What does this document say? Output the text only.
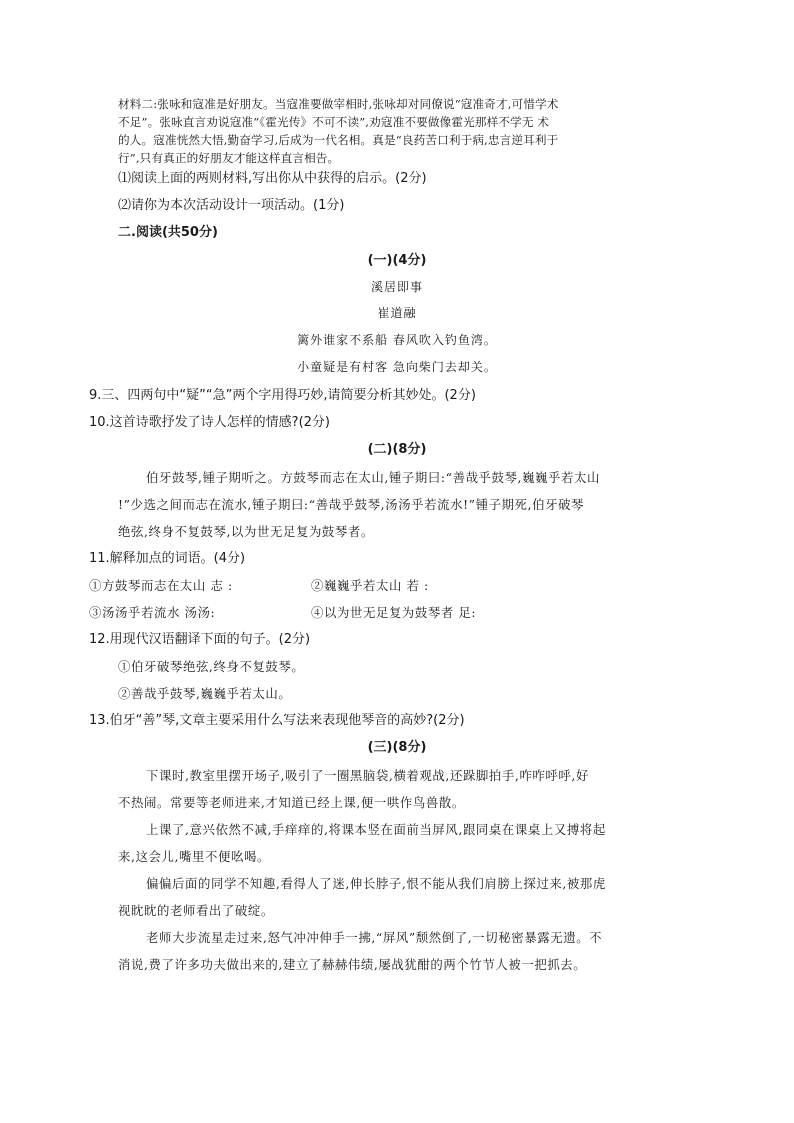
材料二:张咏和寇准是好朋友。当寇准要做宰相时,张咏却对同僚说“寇准奇才,可惜学术
不足”。张咏直言劝说寇准“《霍光传》不可不读”,劝寇准不要做像霍光那样不学无 术
的人。寇准恍然大悟,勤奋学习,后成为一代名相。真是“良药苦口利于病,忠言逆耳利于
行”,只有真正的好朋友才能这样直言相告。
⑴阅读上面的两则材料,写出你从中获得的启示。(2分)
⑵请你为本次活动设计一项活动。(1分)
二.阅读(共50分)
(一)(4分)
溪居即事
崔道融
篱外谁家不系船 春风吹入钓鱼湾。
小童疑是有村客 急向柴门去却关。
9.三、四两句中“疑”“急”两个字用得巧妙,请简要分析其妙处。(2分)
10.这首诗歌抒发了诗人怎样的情感?(2分)
(二)(8分)
伯牙鼓琴,锺子期听之。方鼓琴而志在太山,锺子期曰:“善哉乎鼓琴,巍巍乎若太山
!”少选之间而志在流水,锺子期曰:“善哉乎鼓琴,汤汤乎若流水!”锺子期死,伯牙破琴
绝弦,终身不复鼓琴,以为世无足复为鼓琴者。
11.解释加点的词语。(4分)
①方鼓琴而志在太山 志 :	②巍巍乎若太山 若 :
③汤汤乎若流水 汤汤:	④以为世无足复为鼓琴者 足:
12.用现代汉语翻译下面的句子。(2分)
①伯牙破琴绝弦,终身不复鼓琴。
②善哉乎鼓琴,巍巍乎若太山。
13.伯牙“善”琴,文章主要采用什么写法来表现他琴音的高妙?(2分)
(三)(8分)
下课时,教室里摆开场子,吸引了一圈黑脑袋,横着观战,还跺脚拍手,咋咋呼呼,好
不热闹。常要等老师进来,才知道已经上课,便一哄作鸟兽散。
上课了,意兴依然不减,手痒痒的,将课本竖在面前当屏风,跟同桌在课桌上又搏将起
来,这会儿,嘴里不便吆喝。
偏偏后面的同学不知趣,看得人了迷,伸长脖子,恨不能从我们肩膀上探过来,被那虎
视眈眈的老师看出了破绽。
老师大步流星走过来,怒气冲冲伸手一拂,“屏风”颓然倒了,一切秘密暴露无遗。不
消说,费了许多功夫做出来的,建立了赫赫伟绩,屡战犹酣的两个竹节人被一把抓去。
